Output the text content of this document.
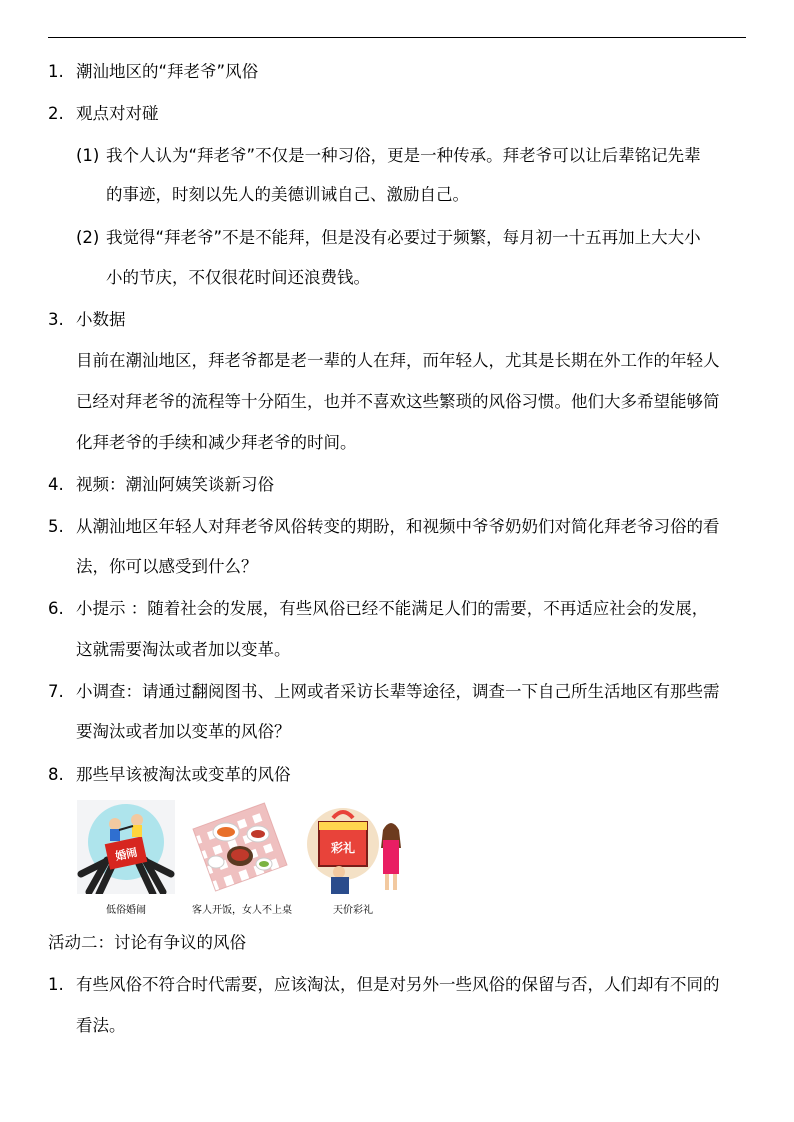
1. 潮汕地区的“拜老爷”风俗
2. 观点对对碰
(1) 我个人认为“拜老爷”不仅是一种习俗，更是一种传承。拜老爷可以让后辈铭记先辈
的事迹，时刻以先人的美德训诫自己、激励自己。
(2) 我觉得“拜老爷”不是不能拜，但是没有必要过于频繁，每月初一十五再加上大大小
小的节庆，不仅很花时间还浪费钱。
3. 小数据
目前在潮汕地区，拜老爷都是老一辈的人在拜，而年轻人，尤其是长期在外工作的年轻人
已经对拜老爷的流程等十分陌生，也并不喜欢这些繁琐的风俗习惯。他们大多希望能够简
化拜老爷的手续和减少拜老爷的时间。
4. 视频：潮汕阿姨笑谈新习俗
5. 从潮汕地区年轻人对拜老爷风俗转变的期盼，和视频中爷爷奶奶们对简化拜老爷习俗的看
法，你可以感受到什么？
6. 小提示 ：随着社会的发展，有些风俗已经不能满足人们的需要，不再适应社会的发展，
这就需要淘汰或者加以变革。
7. 小调查：请通过翻阅图书、上网或者采访长辈等途径，调查一下自己所生活地区有那些需
要淘汰或者加以变革的风俗？
8. 那些早该被淘汰或变革的风俗
婚闹	彩礼
低俗婚闹	客人开饭，女人不上桌	天价彩礼
活动二：讨论有争议的风俗
1. 有些风俗不符合时代需要，应该淘汰，但是对另外一些风俗的保留与否，人们却有不同的
看法。
